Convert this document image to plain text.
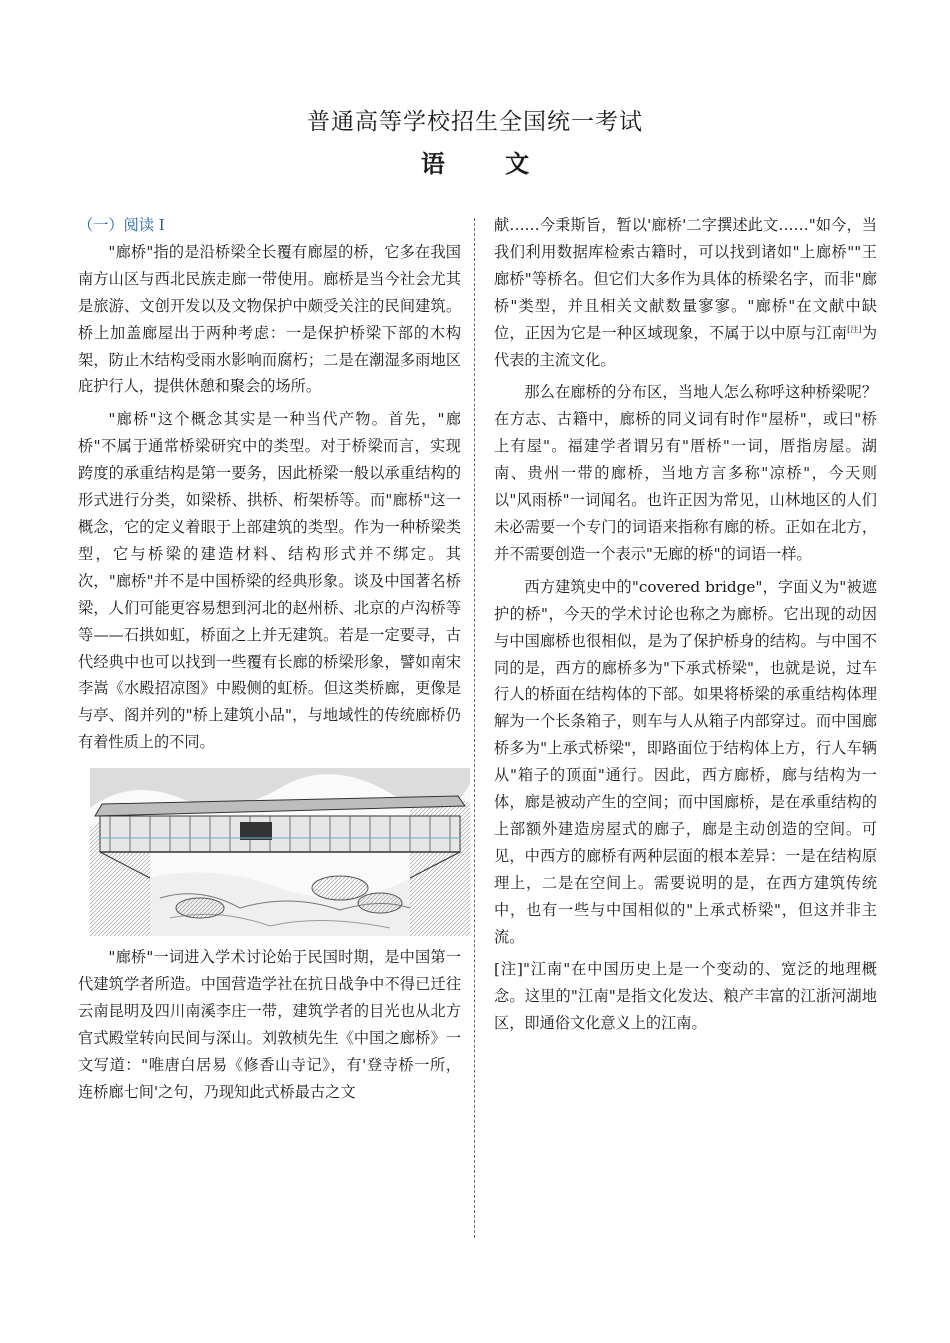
普通高等学校招生全国统一考试
语 文

（一）阅读 I

"廊桥"指的是沿桥梁全长覆有廊屋的桥，它多在我国南方山区与西北民族走廊一带使用。廊桥是当今社会尤其是旅游、文创开发以及文物保护中颇受关注的民间建筑。桥上加盖廊屋出于两种考虑：一是保护桥梁下部的木构架，防止木结构受雨水影响而腐朽；二是在潮湿多雨地区庇护行人，提供休憩和聚会的场所。

"廊桥"这个概念其实是一种当代产物。首先，"廊桥"不属于通常桥梁研究中的类型。对于桥梁而言，实现跨度的承重结构是第一要务，因此桥梁一般以承重结构的形式进行分类，如梁桥、拱桥、桁架桥等。而"廊桥"这一概念，它的定义着眼于上部建筑的类型。作为一种桥梁类型，它与桥梁的建造材料、结构形式并不绑定。其次，"廊桥"并不是中国桥梁的经典形象。谈及中国著名桥梁，人们可能更容易想到河北的赵州桥、北京的卢沟桥等等——石拱如虹，桥面之上并无建筑。若是一定要寻，古代经典中也可以找到一些覆有长廊的桥梁形象，譬如南宋李嵩《水殿招凉图》中殿侧的虹桥。但这类桥廊，更像是与亭、阁并列的"桥上建筑小品"，与地域性的传统廊桥仍有着性质上的不同。

"廊桥"一词进入学术讨论始于民国时期，是中国第一代建筑学者所造。中国营造学社在抗日战争中不得已迁往云南昆明及四川南溪李庄一带，建筑学者的目光也从北方官式殿堂转向民间与深山。刘敦桢先生《中国之廊桥》一文写道："唯唐白居易《修香山寺记》，有'登寺桥一所，连桥廊七间'之句，乃现知此式桥最古之文

献……今秉斯旨，暂以'廊桥'二字撰述此文……"如今，当我们利用数据库检索古籍时，可以找到诸如"上廊桥""王廊桥"等桥名。但它们大多作为具体的桥梁名字，而非"廊桥"类型，并且相关文献数量寥寥。"廊桥"在文献中缺位，正因为它是一种区域现象，不属于以中原与江南[注]为代表的主流文化。

那么在廊桥的分布区，当地人怎么称呼这种桥梁呢？在方志、古籍中，廊桥的同义词有时作"屋桥"，或曰"桥上有屋"。福建学者谓另有"厝桥"一词，厝指房屋。湖南、贵州一带的廊桥，当地方言多称"凉桥"，今天则以"风雨桥"一词闻名。也许正因为常见，山林地区的人们未必需要一个专门的词语来指称有廊的桥。正如在北方，并不需要创造一个表示"无廊的桥"的词语一样。

西方建筑史中的"covered bridge"，字面义为"被遮护的桥"，今天的学术讨论也称之为廊桥。它出现的动因与中国廊桥也很相似，是为了保护桥身的结构。与中国不同的是，西方的廊桥多为"下承式桥梁"，也就是说，过车行人的桥面在结构体的下部。如果将桥梁的承重结构体理解为一个长条箱子，则车与人从箱子内部穿过。而中国廊桥多为"上承式桥梁"，即路面位于结构体上方，行人车辆从"箱子的顶面"通行。因此，西方廊桥，廊与结构为一体，廊是被动产生的空间；而中国廊桥，是在承重结构的上部额外建造房屋式的廊子，廊是主动创造的空间。可见，中西方的廊桥有两种层面的根本差异：一是在结构原理上，二是在空间上。需要说明的是，在西方建筑传统中，也有一些与中国相似的"上承式桥梁"，但这并非主流。

[注]"江南"在中国历史上是一个变动的、宽泛的地理概念。这里的"江南"是指文化发达、粮产丰富的江浙河湖地区，即通俗文化意义上的江南。
